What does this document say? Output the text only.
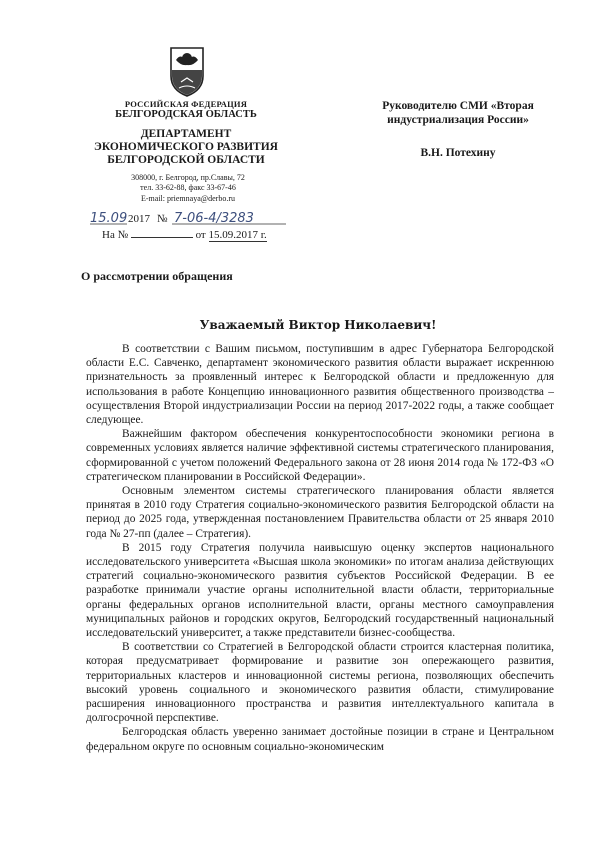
РОССИЙСКАЯ ФЕДЕРАЦИЯ
БЕЛГОРОДСКАЯ ОБЛАСТЬ
ДЕПАРТАМЕНТ
ЭКОНОМИЧЕСКОГО РАЗВИТИЯ
БЕЛГОРОДСКОЙ ОБЛАСТИ
308000, г. Белгород, пр.Славы, 72
тел. 33-62-88, факс 33-67-46
E-mail: priemnaya@derbo.ru
15.09 2017 № 7-06-4/3283
На №	от 15.09.2017 г.
Руководителю СМИ «Вторая
индустриализация России»
В.Н. Потехину
О рассмотрении обращения
Уважаемый Виктор Николаевич!

В соответствии с Вашим письмом, поступившим в адрес Губернатора Белгородской области Е.С. Савченко, департамент экономического развития области выражает искреннюю признательность за проявленный интерес к Белгородской области и предложенную для использования в работе Концепцию инновационного развития общественного производства – осуществления Второй индустриализации России на период 2017-2022 годы, а также сообщает следующее.

Важнейшим фактором обеспечения конкурентоспособности экономики региона в современных условиях является наличие эффективной системы стратегического планирования, сформированной с учетом положений Федерального закона от 28 июня 2014 года № 172-ФЗ «О стратегическом планировании в Российской Федерации».

Основным элементом системы стратегического планирования области является принятая в 2010 году Стратегия социально-экономического развития Белгородской области на период до 2025 года, утвержденная постановлением Правительства области от 25 января 2010 года № 27-пп (далее – Стратегия).

В 2015 году Стратегия получила наивысшую оценку экспертов национального исследовательского университета «Высшая школа экономики» по итогам анализа действующих стратегий социально-экономического развития субъектов Российской Федерации. В ее разработке принимали участие органы исполнительной власти области, территориальные органы федеральных органов исполнительной власти, органы местного самоуправления муниципальных районов и городских округов, Белгородский государственный национальный исследовательский университет, а также представители бизнес-сообщества.

В соответствии со Стратегией в Белгородской области строится кластерная политика, которая предусматривает формирование и развитие зон опережающего развития, территориальных кластеров и инновационной системы региона, позволяющих обеспечить высокий уровень социального и экономического развития области, стимулирование расширения инновационного пространства и развития интеллектуального капитала в долгосрочной перспективе.

Белгородская область уверенно занимает достойные позиции в стране и Центральном федеральном округе по основным социально-экономическим
